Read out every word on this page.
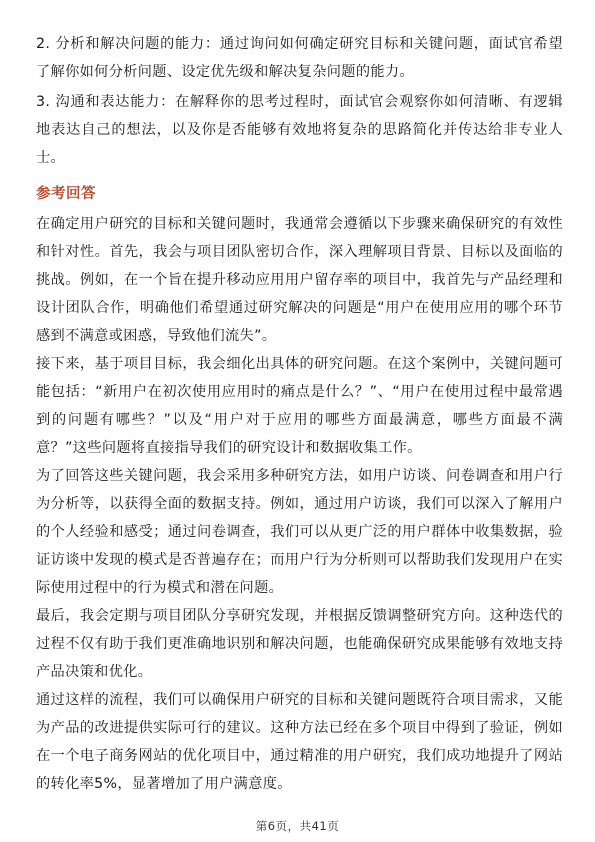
2. 分析和解决问题的能力：通过询问如何确定研究目标和关键问题，面试官希望了解你如何分析问题、设定优先级和解决复杂问题的能力。

3. 沟通和表达能力：在解释你的思考过程时，面试官会观察你如何清晰、有逻辑地表达自己的想法，以及你是否能够有效地将复杂的思路简化并传达给非专业人士。

参考回答

在确定用户研究的目标和关键问题时，我通常会遵循以下步骤来确保研究的有效性和针对性。首先，我会与项目团队密切合作，深入理解项目背景、目标以及面临的挑战。例如，在一个旨在提升移动应用用户留存率的项目中，我首先与产品经理和设计团队合作，明确他们希望通过研究解决的问题是“用户在使用应用的哪个环节感到不满意或困惑，导致他们流失”。

接下来，基于项目目标，我会细化出具体的研究问题。在这个案例中，关键问题可能包括：“新用户在初次使用应用时的痛点是什么？”、“用户在使用过程中最常遇到的问题有哪些？”以及“用户对于应用的哪些方面最满意，哪些方面最不满意？”这些问题将直接指导我们的研究设计和数据收集工作。

为了回答这些关键问题，我会采用多种研究方法，如用户访谈、问卷调查和用户行为分析等，以获得全面的数据支持。例如，通过用户访谈，我们可以深入了解用户的个人经验和感受；通过问卷调查，我们可以从更广泛的用户群体中收集数据，验证访谈中发现的模式是否普遍存在；而用户行为分析则可以帮助我们发现用户在实际使用过程中的行为模式和潜在问题。

最后，我会定期与项目团队分享研究发现，并根据反馈调整研究方向。这种迭代的过程不仅有助于我们更准确地识别和解决问题，也能确保研究成果能够有效地支持产品决策和优化。

通过这样的流程，我们可以确保用户研究的目标和关键问题既符合项目需求，又能为产品的改进提供实际可行的建议。这种方法已经在多个项目中得到了验证，例如在一个电子商务网站的优化项目中，通过精准的用户研究，我们成功地提升了网站的转化率5%，显著增加了用户满意度。

第6页，共41页
